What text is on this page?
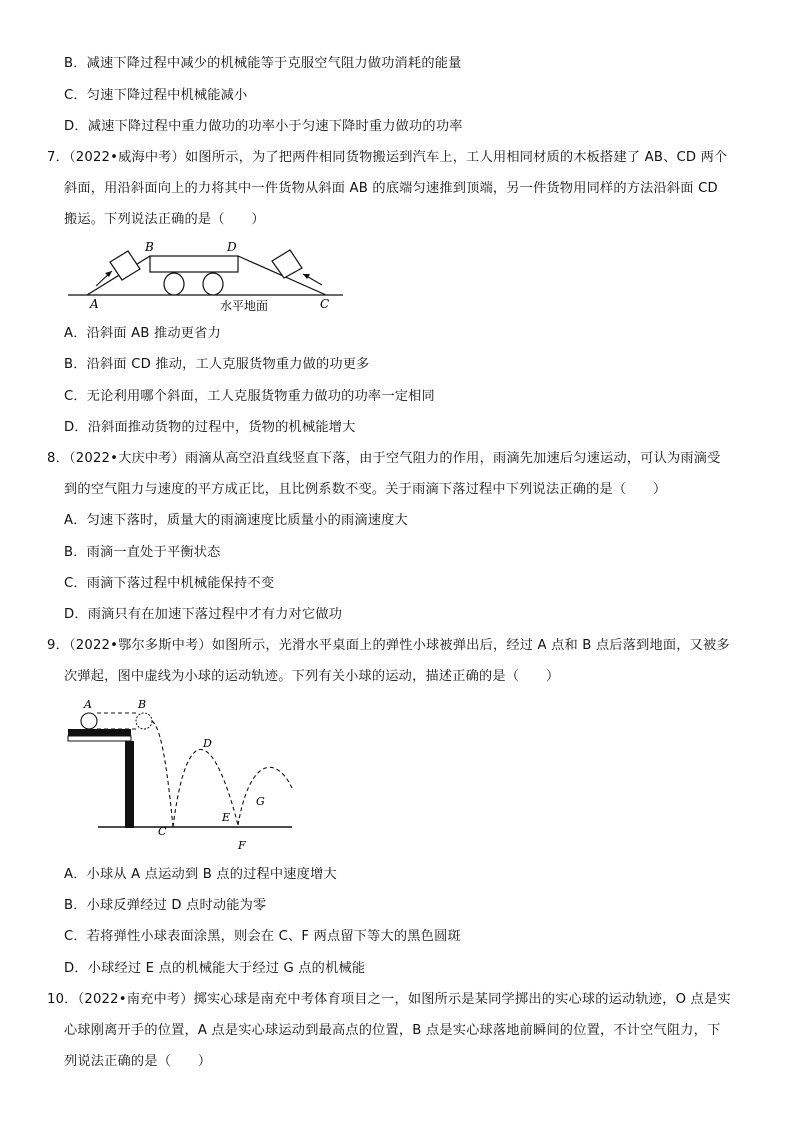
B．减速下降过程中减少的机械能等于克服空气阻力做功消耗的能量
C．匀速下降过程中机械能减小
D．减速下降过程中重力做功的功率小于匀速下降时重力做功的功率
7．（2022•威海中考）如图所示，为了把两件相同货物搬运到汽车上，工人用相同材质的木板搭建了 AB、CD 两个
斜面，用沿斜面向上的力将其中一件货物从斜面 AB 的底端匀速推到顶端，另一件货物用同样的方法沿斜面 CD
搬运。下列说法正确的是（　　）
A
B
C
D
水平地面
A．沿斜面 AB 推动更省力
B．沿斜面 CD 推动，工人克服货物重力做的功更多
C．无论利用哪个斜面，工人克服货物重力做功的功率一定相同
D．沿斜面推动货物的过程中，货物的机械能增大
8．（2022•大庆中考）雨滴从高空沿直线竖直下落，由于空气阻力的作用，雨滴先加速后匀速运动，可认为雨滴受
到的空气阻力与速度的平方成正比，且比例系数不变。关于雨滴下落过程中下列说法正确的是（　　）
A．匀速下落时，质量大的雨滴速度比质量小的雨滴速度大
B．雨滴一直处于平衡状态
C．雨滴下落过程中机械能保持不变
D．雨滴只有在加速下落过程中才有力对它做功
9．（2022•鄂尔多斯中考）如图所示，光滑水平桌面上的弹性小球被弹出后，经过 A 点和 B 点后落到地面，又被多
次弹起，图中虚线为小球的运动轨迹。下列有关小球的运动，描述正确的是（　　）
A	B
C
D
E
F
G
A．小球从 A 点运动到 B 点的过程中速度增大
B．小球反弹经过 D 点时动能为零
C．若将弹性小球表面涂黑，则会在 C、F 两点留下等大的黑色圆斑
D．小球经过 E 点的机械能大于经过 G 点的机械能
10．（2022•南充中考）掷实心球是南充中考体育项目之一，如图所示是某同学掷出的实心球的运动轨迹，O 点是实
心球刚离开手的位置，A 点是实心球运动到最高点的位置，B 点是实心球落地前瞬间的位置，不计空气阻力，下
列说法正确的是（　　）
